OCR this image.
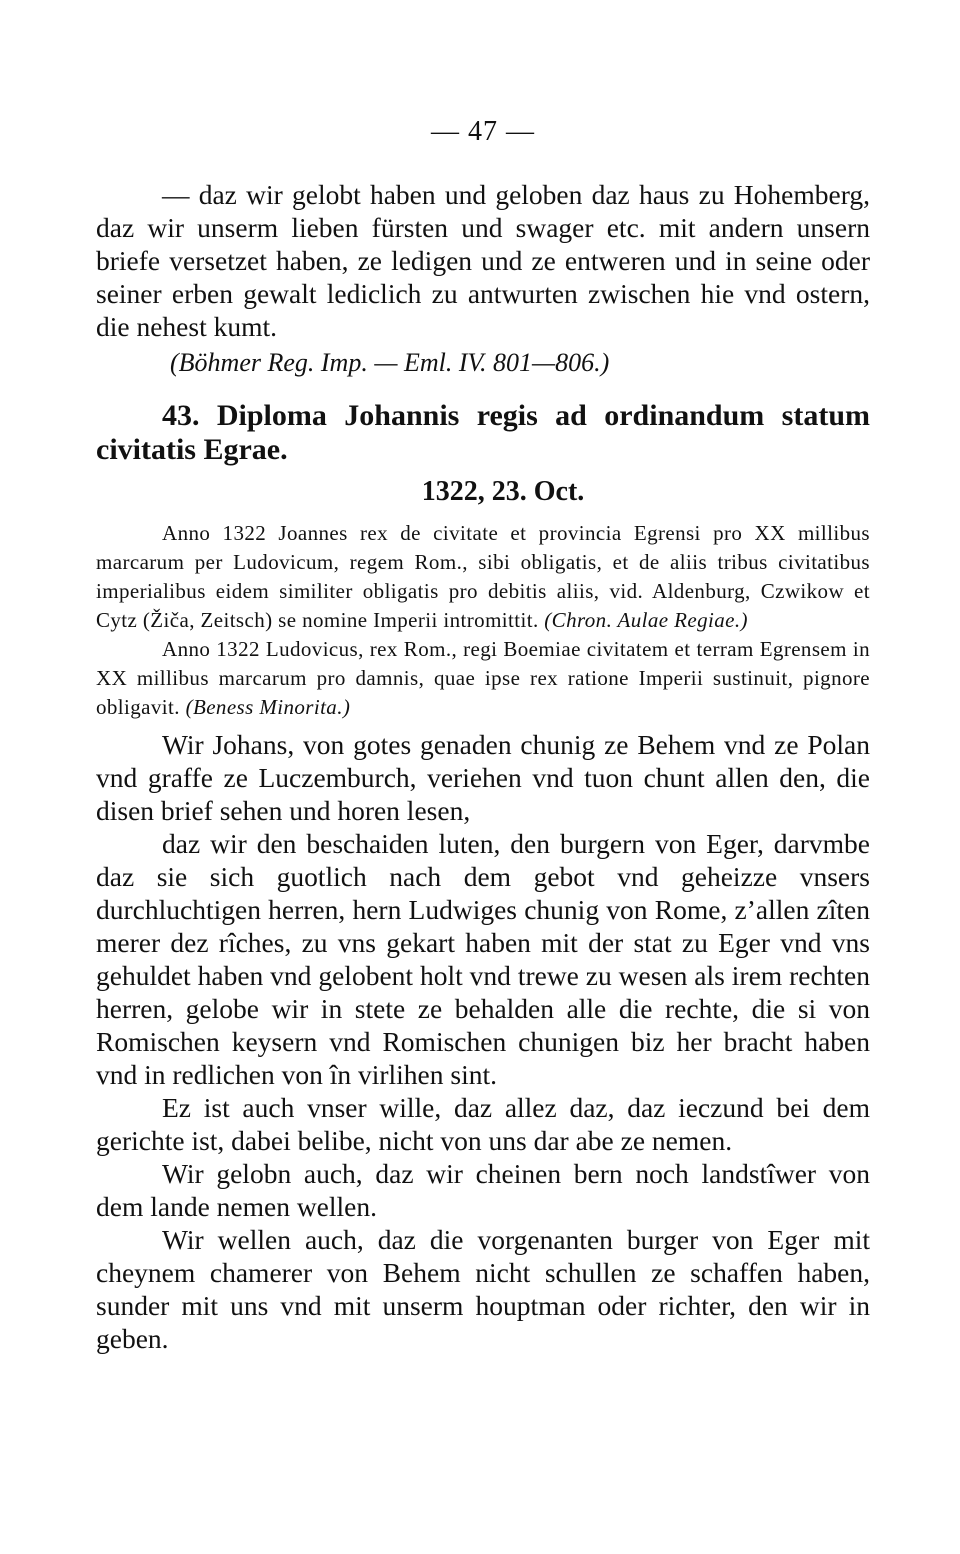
— 47 —

— daz wir gelobt haben und geloben daz haus zu Hohemberg, daz wir unserm lieben fürsten und swager etc. mit andern unsern briefe versetzet haben, ze ledigen und ze entweren und in seine oder seiner erben gewalt lediclich zu antwurten zwischen hie vnd ostern, die nehest kumt.

(Böhmer Reg. Imp. — Eml. IV. 801—806.)
43. Diploma Johannis regis ad ordinandum statum civitatis Egrae.
1322, 23. Oct.

Anno 1322 Joannes rex de civitate et provincia Egrensi pro XX millibus marcarum per Ludovicum, regem Rom., sibi obligatis, et de aliis tribus civitatibus imperialibus eidem similiter obligatis pro debitis aliis, vid. Aldenburg, Czwikow et Cytz (Žiča, Zeitsch) se nomine Imperii intromittit. (Chron. Aulae Regiae.)

Anno 1322 Ludovicus, rex Rom., regi Boemiae civitatem et terram Egrensem in XX millibus marcarum pro damnis, quae ipse rex ratione Imperii sustinuit, pignore obligavit. (Beness Minorita.)

Wir Johans, von gotes genaden chunig ze Behem vnd ze Polan vnd graffe ze Luczemburch, veriehen vnd tuon chunt allen den, die disen brief sehen und horen lesen,

daz wir den beschaiden luten, den burgern von Eger, darvmbe daz sie sich guotlich nach dem gebot vnd geheizze vnsers durchluchtigen herren, hern Ludwiges chunig von Rome, z’allen zîten merer dez rîches, zu vns gekart haben mit der stat zu Eger vnd vns gehuldet haben vnd gelobent holt vnd trewe zu wesen als irem rechten herren, gelobe wir in stete ze behalden alle die rechte, die si von Romischen keysern vnd Romischen chunigen biz her bracht haben vnd in redlichen von în virlihen sint.

Ez ist auch vnser wille, daz allez daz, daz ieczund bei dem gerichte ist, dabei belibe, nicht von uns dar abe ze nemen.

Wir gelobn auch, daz wir cheinen bern noch landstîwer von dem lande nemen wellen.

Wir wellen auch, daz die vorgenanten burger von Eger mit cheynem chamerer von Behem nicht schullen ze schaffen haben, sunder mit uns vnd mit unserm houptman oder richter, den wir in geben.
